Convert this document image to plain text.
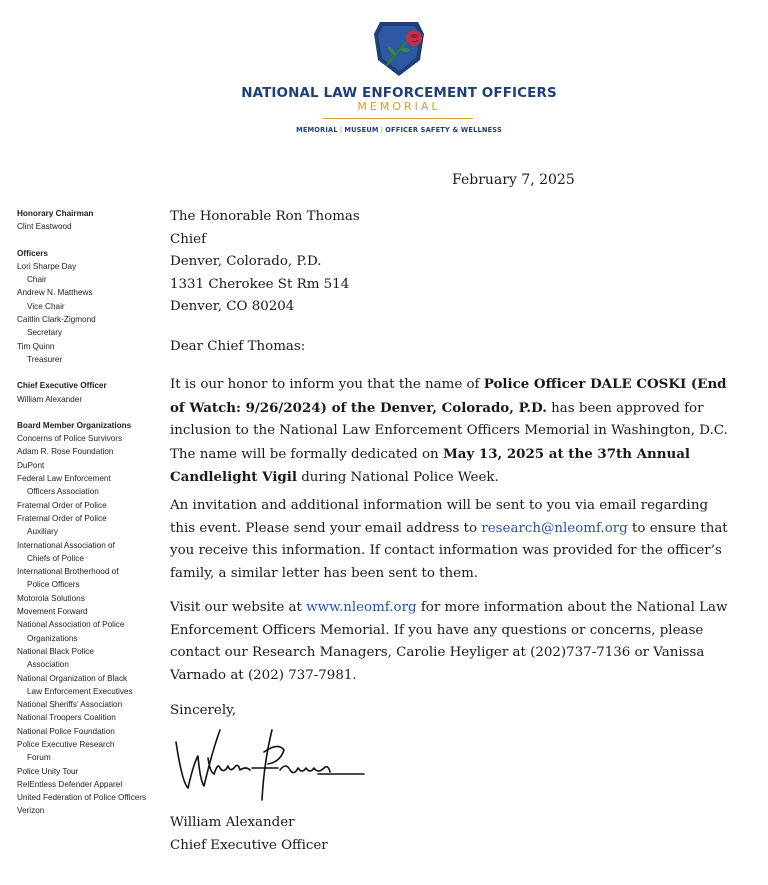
NATIONAL LAW ENFORCEMENT OFFICERS
MEMORIAL
MEMORIAL | MUSEUM | OFFICER SAFETY & WELLNESS
February 7, 2025
Honorary Chairman
Clint Eastwood
Officers
Lori Sharpe Day
Chair
Andrew N. Matthews
Vice Chair
Caitlin Clark-Zigmond
Secretary
Tim Quinn
Treasurer
Chief Executive Officer
William Alexander
Board Member Organizations
Concerns of Police Survivors
Adam R. Rose Foundation
DuPont
Federal Law Enforcement
Officers Association
Fraternal Order of Police
Fraternal Order of Police
Auxiliary
International Association of
Chiefs of Police
International Brotherhood of
Police Officers
Motorola Solutions
Movement Forward
National Association of Police
Organizations
National Black Police
Association
National Organization of Black
Law Enforcement Executives
National Sheriffs’ Association
National Troopers Coalition
National Police Foundation
Police Executive Research
Forum
Police Unity Tour
RelEntless Defender Apparel
United Federation of Police Officers
Verizon
The Honorable Ron Thomas
Chief
Denver, Colorado, P.D.
1331 Cherokee St Rm 514
Denver, CO 80204
Dear Chief Thomas:
It is our honor to inform you that the name of Police Officer DALE COSKI (End of Watch: 9/26/2024) of the Denver, Colorado, P.D. has been approved for inclusion to the National Law Enforcement Officers Memorial in Washington, D.C. The name will be formally dedicated on May 13, 2025 at the 37th Annual Candlelight Vigil during National Police Week.
An invitation and additional information will be sent to you via email regarding this event. Please send your email address to research@nleomf.org to ensure that you receive this information. If contact information was provided for the officer’s family, a similar letter has been sent to them.
Visit our website at www.nleomf.org for more information about the National Law Enforcement Officers Memorial. If you have any questions or concerns, please contact our Research Managers, Carolie Heyliger at (202)737-7136 or Vanissa Varnado at (202) 737-7981.
Sincerely,
William Alexander
Chief Executive Officer
